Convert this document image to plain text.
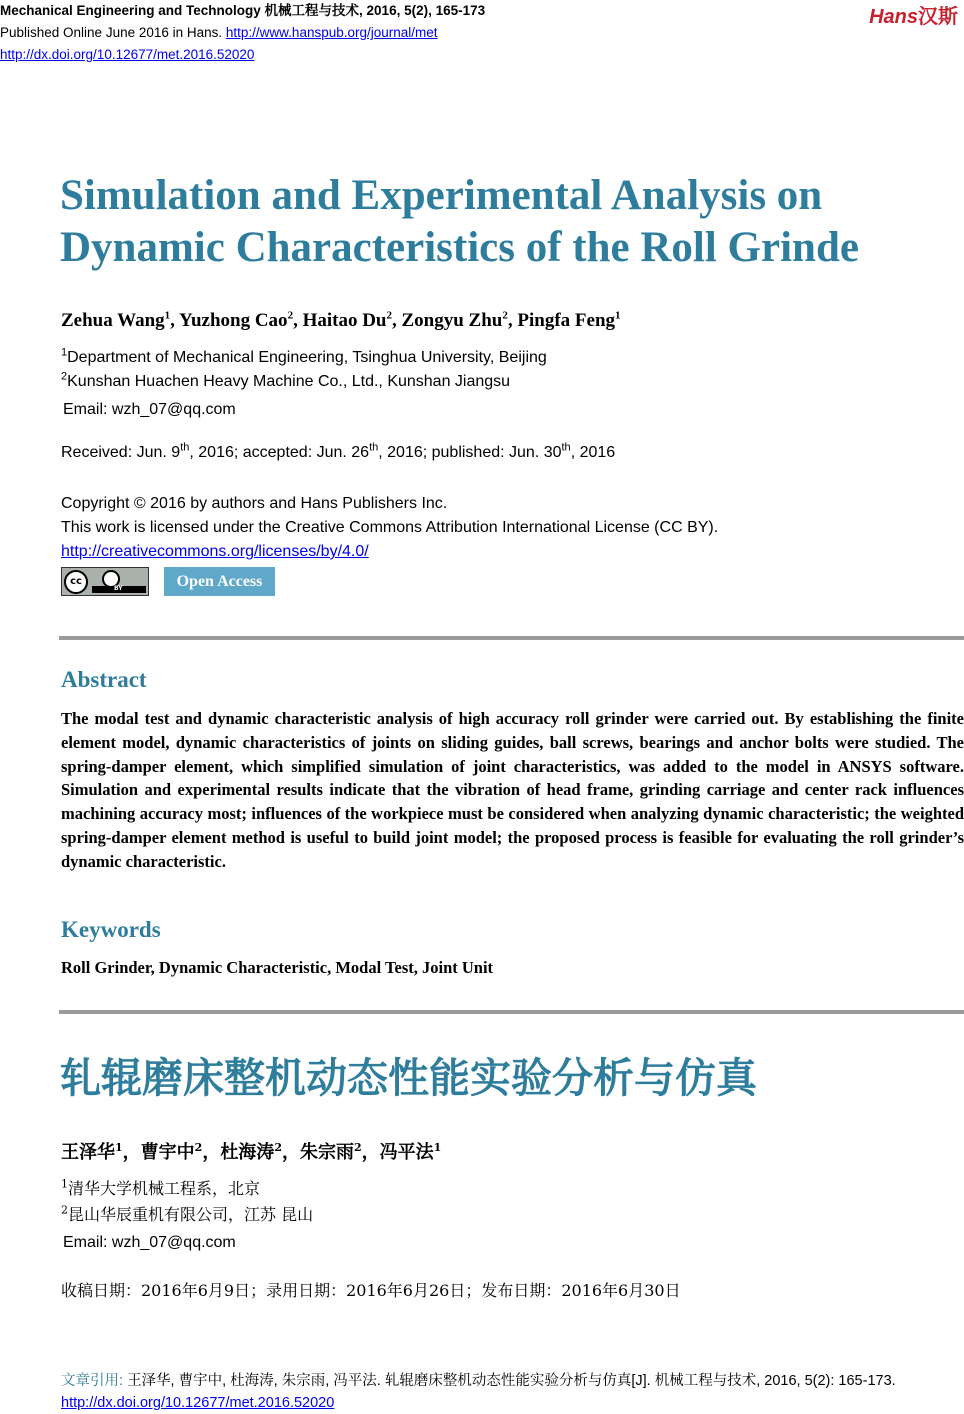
Mechanical Engineering and Technology 机械工程与技术, 2016, 5(2), 165-173
Published Online June 2016 in Hans. http://www.hanspub.org/journal/met
http://dx.doi.org/10.12677/met.2016.52020
Hans汉斯
Simulation and Experimental Analysis on
Dynamic Characteristics of the Roll Grinde
Zehua Wang$^1$, Yuzhong Cao$^2$, Haitao Du$^2$, Zongyu Zhu$^2$, Pingfa Feng$^1$
$^1$Department of Mechanical Engineering, Tsinghua University, Beijing
$^2$Kunshan Huachen Heavy Machine Co., Ltd., Kunshan Jiangsu
Email: wzh_07@qq.com
Received: Jun. 9th, 2016; accepted: Jun. 26th, 2016; published: Jun. 30th, 2016
Copyright © 2016 by authors and Hans Publishers Inc.
This work is licensed under the Creative Commons Attribution International License (CC BY).
http://creativecommons.org/licenses/by/4.0/
cc
BY	Open Access
Abstract
The modal test and dynamic characteristic analysis of high accuracy roll grinder were carried out. By establishing the finite element model, dynamic characteristics of joints on sliding guides, ball screws, bearings and anchor bolts were studied. The spring-damper element, which simplified simulation of joint characteristics, was added to the model in ANSYS software. Simulation and experimental results indicate that the vibration of head frame, grinding carriage and center rack influences machining accuracy most; influences of the workpiece must be considered when analyzing dynamic characteristic; the weighted spring-damper element method is useful to build joint model; the proposed process is feasible for evaluating the roll grinder’s dynamic characteristic.
Keywords
Roll Grinder, Dynamic Characteristic, Modal Test, Joint Unit
轧辊磨床整机动态性能实验分析与仿真
王泽华$^1$，曹宇中$^2$，杜海涛$^2$，朱宗雨$^2$，冯平法$^1$
$^1$清华大学机械工程系，北京
$^2$昆山华辰重机有限公司，江苏 昆山
Email: wzh_07@qq.com
收稿日期：2016年6月9日；录用日期：2016年6月26日；发布日期：2016年6月30日
文章引用: 王泽华, 曹宇中, 杜海涛, 朱宗雨, 冯平法. 轧辊磨床整机动态性能实验分析与仿真[J]. 机械工程与技术, 2016, 5(2): 165-173. http://dx.doi.org/10.12677/met.2016.52020
